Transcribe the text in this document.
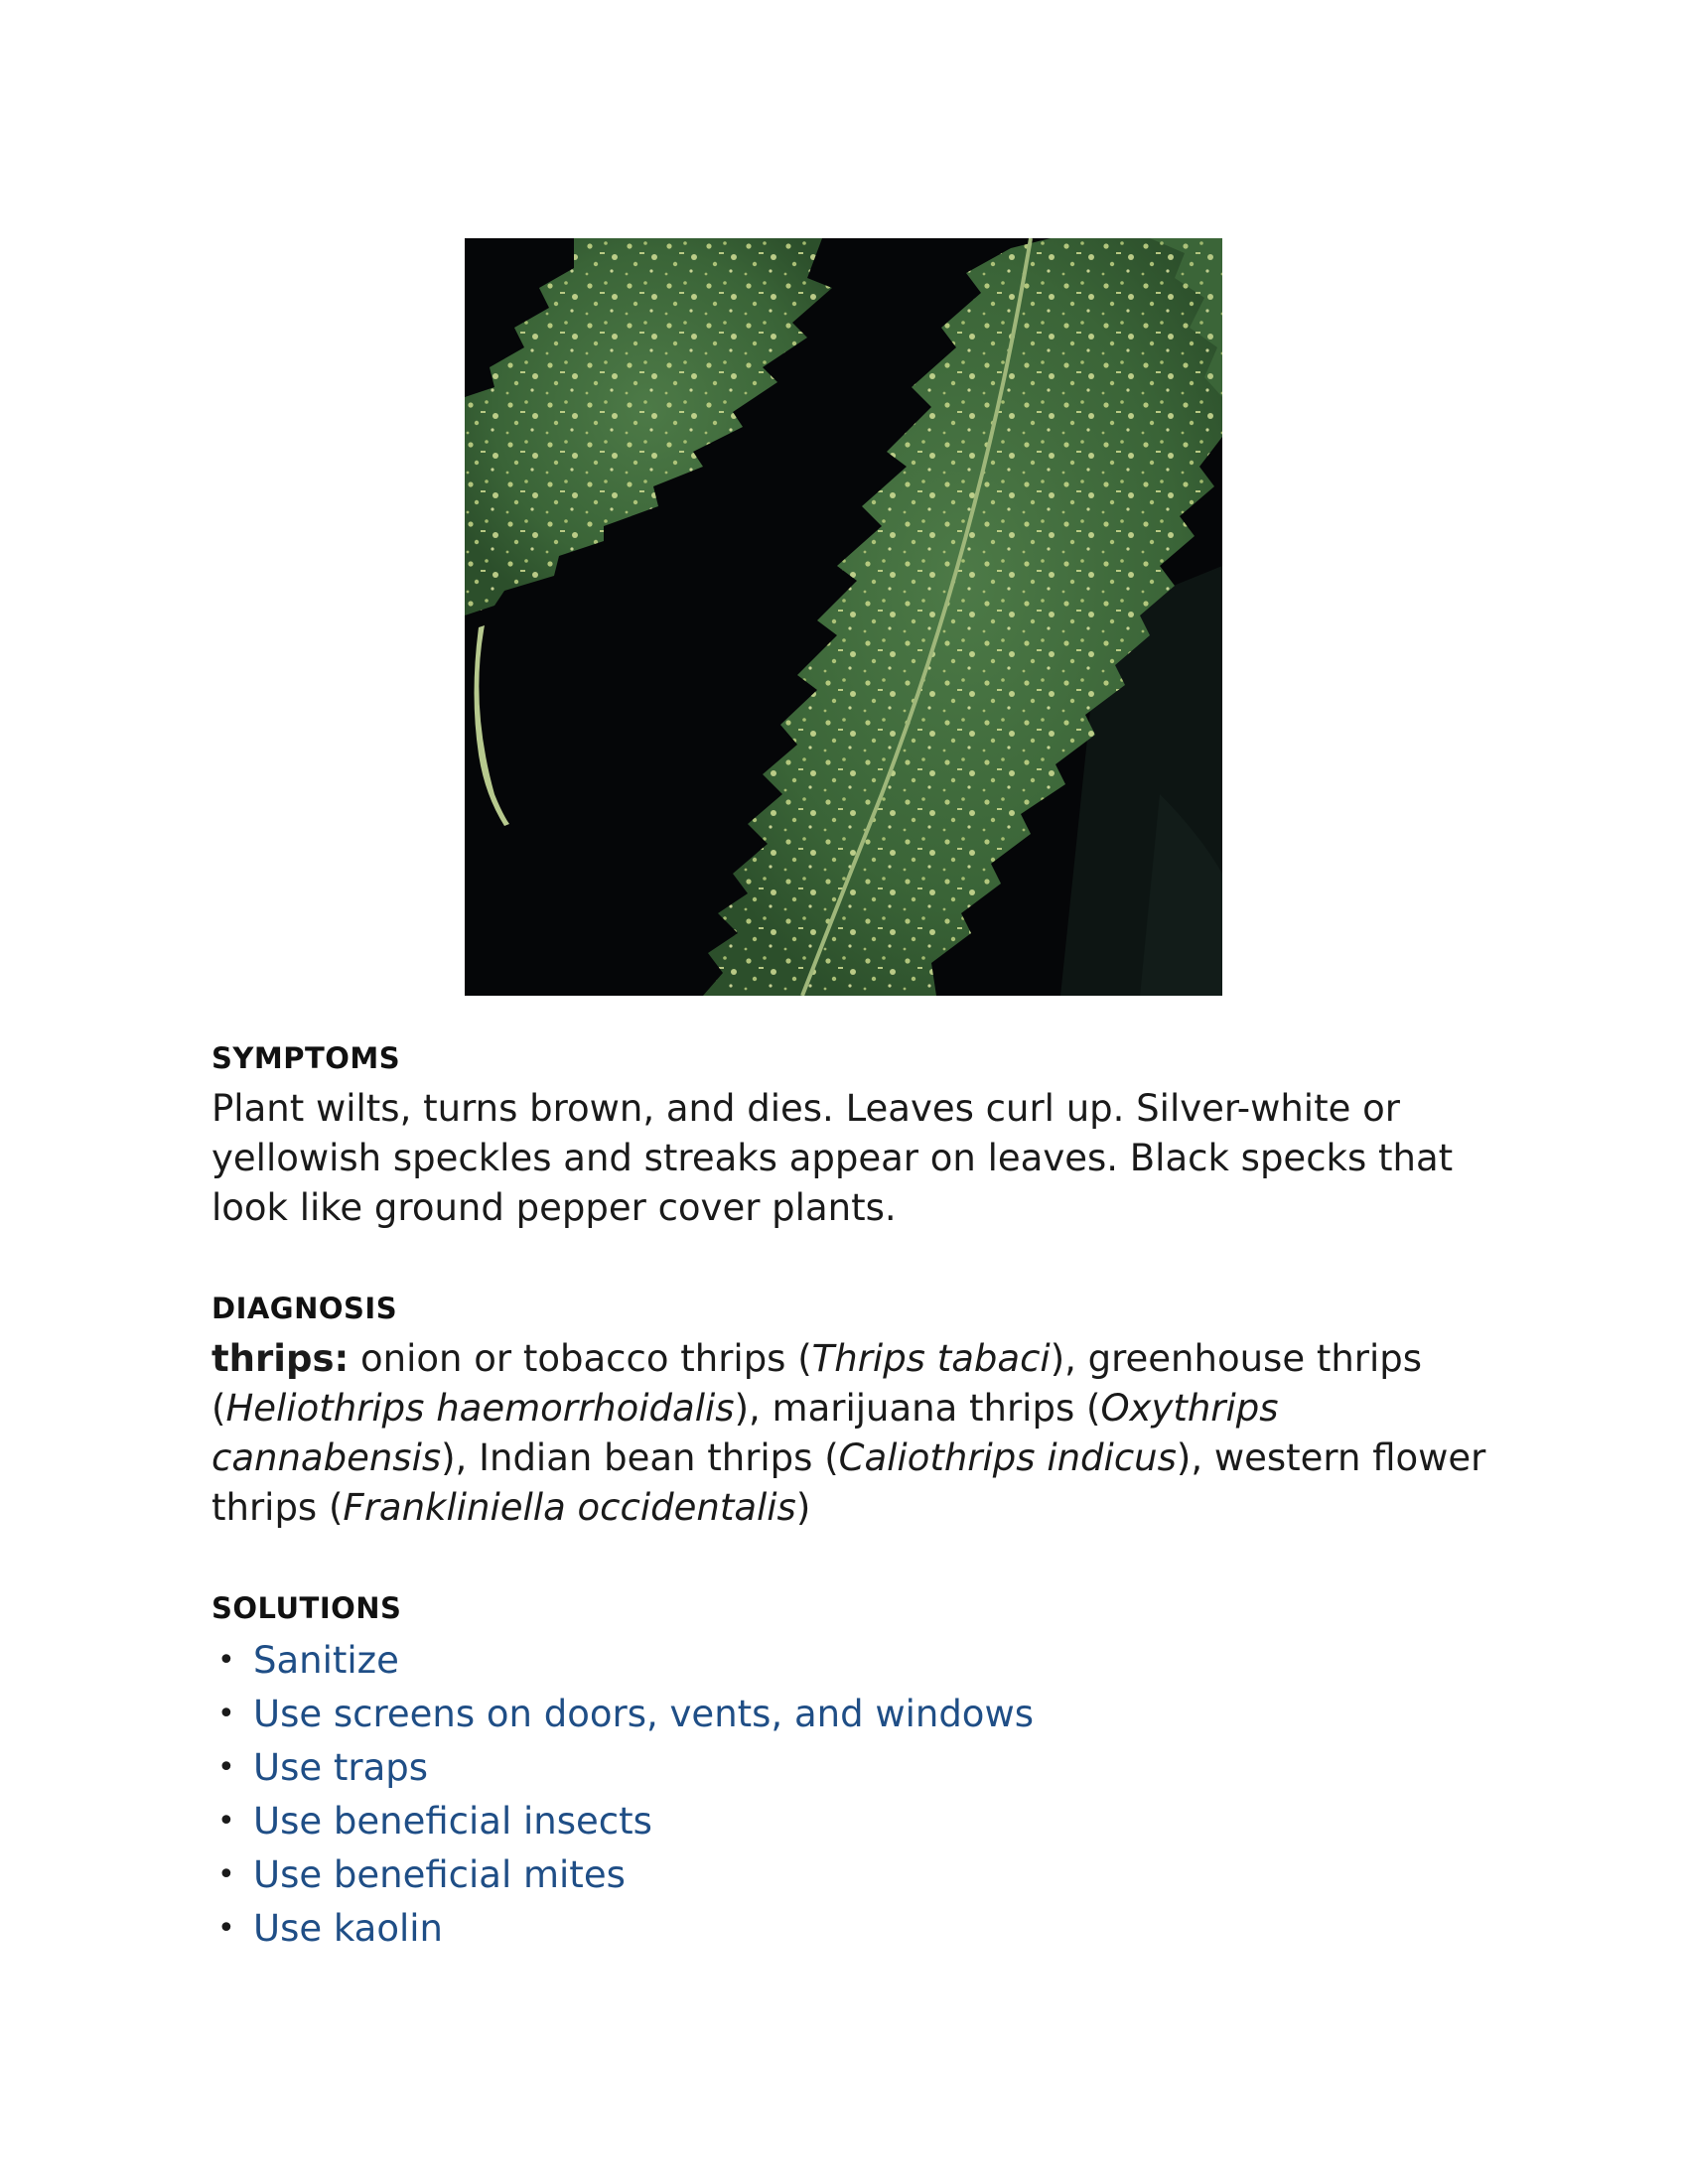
SYMPTOMS

Plant wilts, turns brown, and dies. Leaves curl up. Silver-white or yellowish speckles and streaks appear on leaves. Black specks that look like ground pepper cover plants.

DIAGNOSIS

thrips: onion or tobacco thrips (Thrips tabaci), greenhouse thrips (Heliothrips haemorrhoidalis), marijuana thrips (Oxythrips cannabensis), Indian bean thrips (Caliothrips indicus), western flower thrips (Frankliniella occidentalis)

SOLUTIONS
• Sanitize
• Use screens on doors, vents, and windows
• Use traps
• Use beneficial insects
• Use beneficial mites
• Use kaolin
